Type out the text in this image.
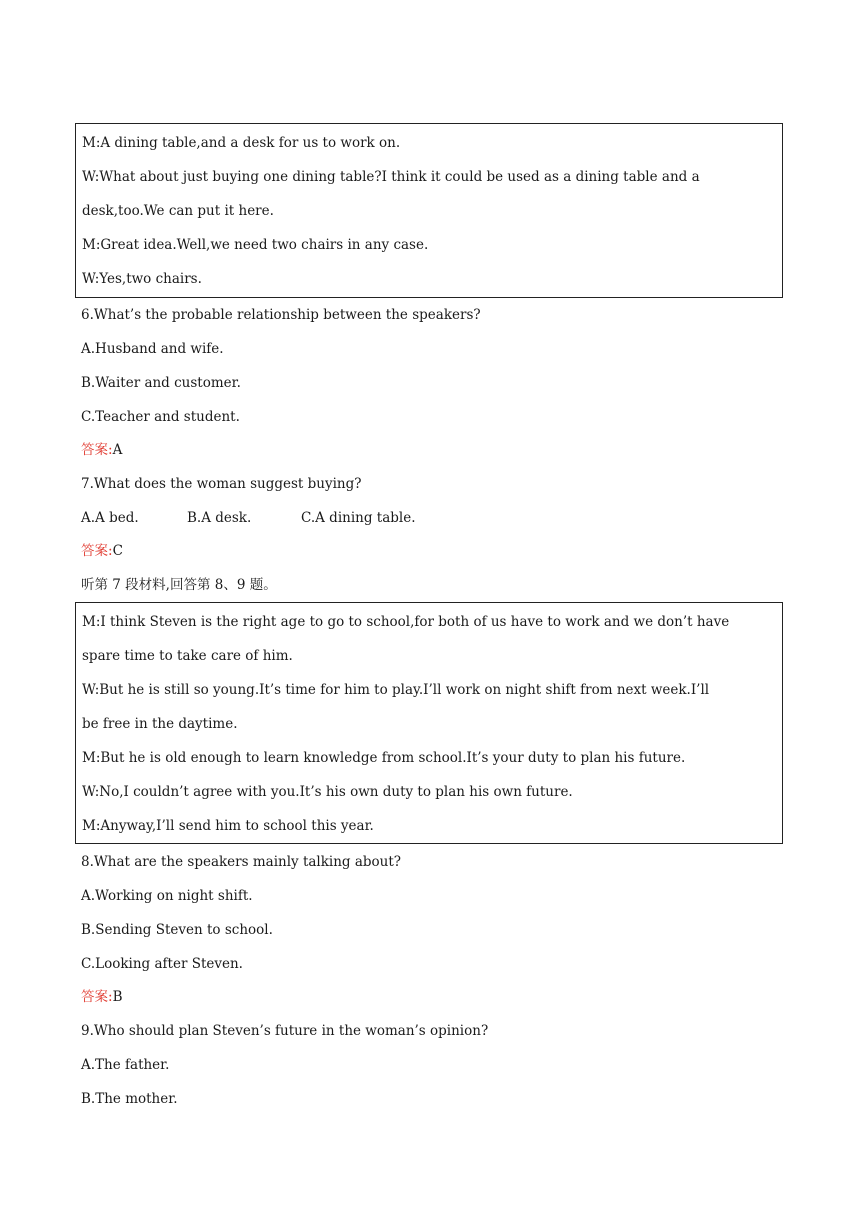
M:A dining table,and a desk for us to work on.
W:What about just buying one dining table?I think it could be used as a dining table and a
desk,too.We can put it here.
M:Great idea.Well,we need two chairs in any case.
W:Yes,two chairs.
6.What’s the probable relationship between the speakers?
A.Husband and wife.
B.Waiter and customer.
C.Teacher and student.
答案:A
7.What does the woman suggest buying?
A.A bed.	B.A desk.	C.A dining table.
答案:C
听第 7 段材料,回答第 8、9 题。
M:I think Steven is the right age to go to school,for both of us have to work and we don’t have
spare time to take care of him.
W:But he is still so young.It’s time for him to play.I’ll work on night shift from next week.I’ll
be free in the daytime.
M:But he is old enough to learn knowledge from school.It’s your duty to plan his future.
W:No,I couldn’t agree with you.It’s his own duty to plan his own future.
M:Anyway,I’ll send him to school this year.
8.What are the speakers mainly talking about?
A.Working on night shift.
B.Sending Steven to school.
C.Looking after Steven.
答案:B
9.Who should plan Steven’s future in the woman’s opinion?
A.The father.
B.The mother.
